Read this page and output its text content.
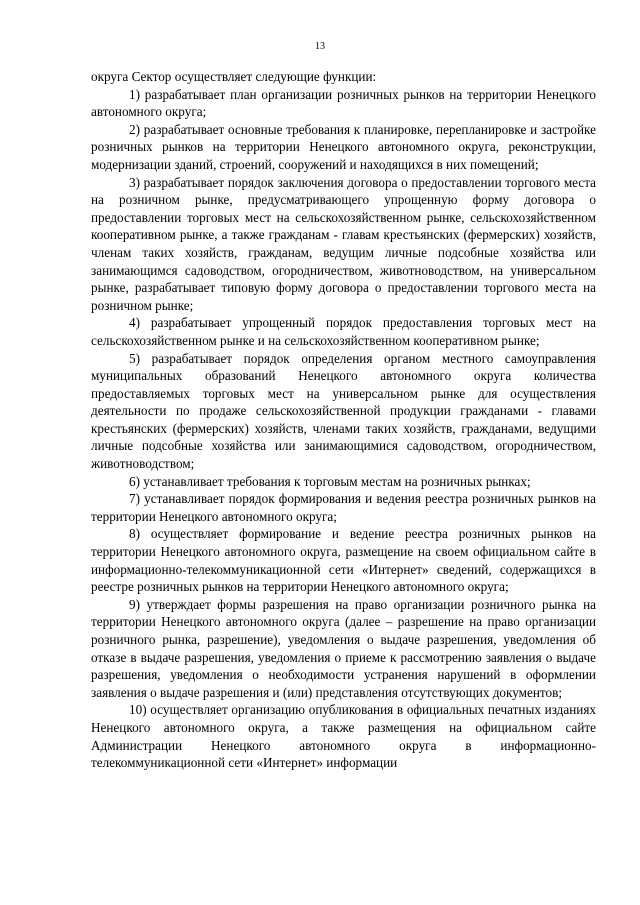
13

округа Сектор осуществляет следующие функции:

1) разрабатывает план организации розничных рынков на территории Ненецкого автономного округа;

2) разрабатывает основные требования к планировке, перепланировке и застройке розничных рынков на территории Ненецкого автономного округа, реконструкции, модернизации зданий, строений, сооружений и находящихся в них помещений;

3) разрабатывает порядок заключения договора о предоставлении торгового места на розничном рынке, предусматривающего упрощенную форму договора о предоставлении торговых мест на сельскохозяйственном рынке, сельскохозяйственном кооперативном рынке, а также гражданам - главам крестьянских (фермерских) хозяйств, членам таких хозяйств, гражданам, ведущим личные подсобные хозяйства или занимающимся садоводством, огородничеством, животноводством, на универсальном рынке, разрабатывает типовую форму договора о предоставлении торгового места на розничном рынке;

4) разрабатывает упрощенный порядок предоставления торговых мест на сельскохозяйственном рынке и на сельскохозяйственном кооперативном рынке;

5) разрабатывает порядок определения органом местного самоуправления муниципальных образований Ненецкого автономного округа количества предоставляемых торговых мест на универсальном рынке для осуществления деятельности по продаже сельскохозяйственной продукции гражданами - главами крестьянских (фермерских) хозяйств, членами таких хозяйств, гражданами, ведущими личные подсобные хозяйства или занимающимися садоводством, огородничеством, животноводством;

6) устанавливает требования к торговым местам на розничных рынках;

7) устанавливает порядок формирования и ведения реестра розничных рынков на территории Ненецкого автономного округа;

8) осуществляет формирование и ведение реестра розничных рынков на территории Ненецкого автономного округа, размещение на своем официальном сайте в информационно-телекоммуникационной сети «Интернет» сведений, содержащихся в реестре розничных рынков на территории Ненецкого автономного округа;

9) утверждает формы разрешения на право организации розничного рынка на территории Ненецкого автономного округа (далее – разрешение на право организации розничного рынка, разрешение), уведомления о выдаче разрешения, уведомления об отказе в выдаче разрешения, уведомления о приеме к рассмотрению заявления о выдаче разрешения, уведомления о необходимости устранения нарушений в оформлении заявления о выдаче разрешения и (или) представления отсутствующих документов;

10) осуществляет организацию опубликования в официальных печатных изданиях Ненецкого автономного округа, а также размещения на официальном сайте Администрации Ненецкого автономного округа в информационно-телекоммуникационной сети «Интернет» информации
